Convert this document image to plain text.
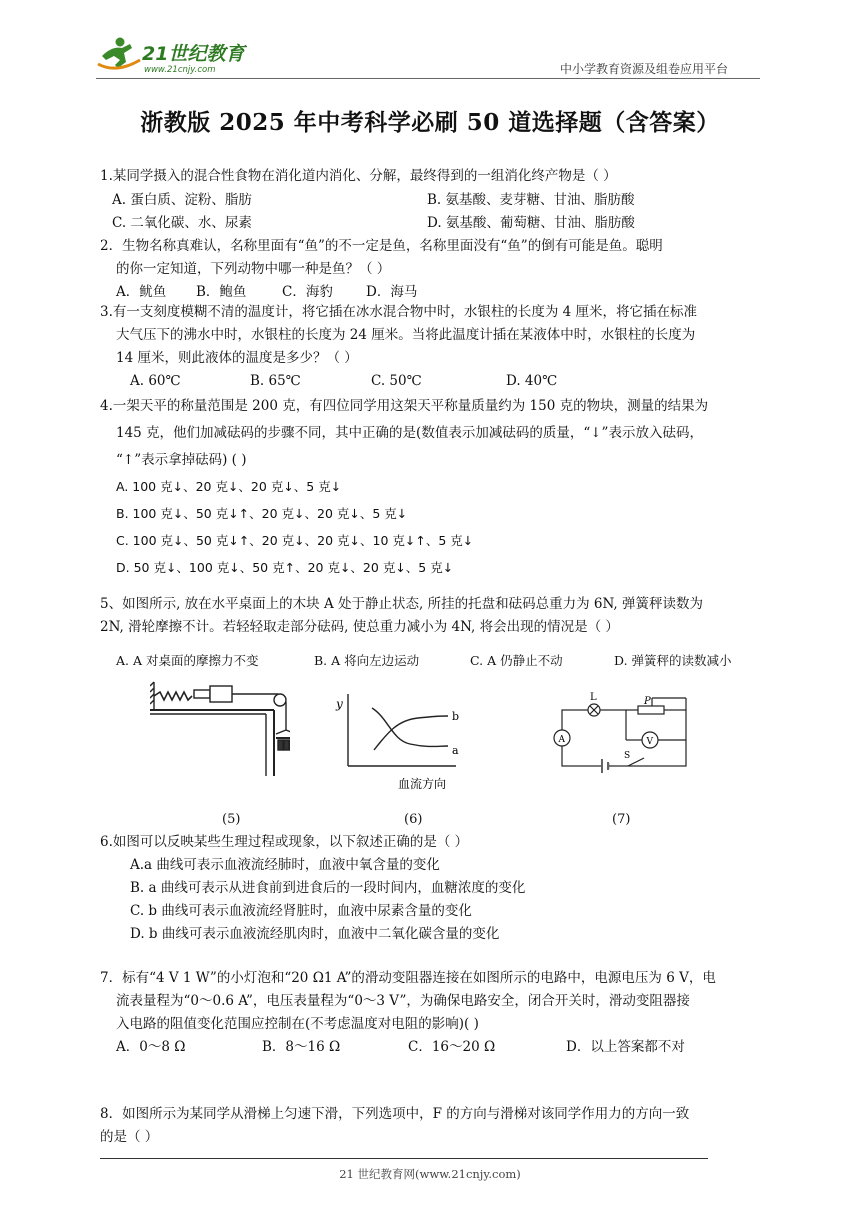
21世纪教育
www.21cnjy.com	中小学教育资源及组卷应用平台
浙教版 2025 年中考科学必刷 50 道选择题（含答案）
1.某同学摄入的混合性食物在消化道内消化、分解，最终得到的一组消化终产物是（ ）
A. 蛋白质、淀粉、脂肪	B. 氨基酸、麦芽糖、甘油、脂肪酸
C. 二氧化碳、水、尿素	D. 氨基酸、葡萄糖、甘油、脂肪酸
2．生物名称真难认，名称里面有“鱼”的不一定是鱼，名称里面没有“鱼”的倒有可能是鱼。聪明
的你一定知道，下列动物中哪一种是鱼？（ ）
A．鱿鱼 B．鲍鱼	C．海豹 D．海马
3.有一支刻度模糊不清的温度计，将它插在冰水混合物中时，水银柱的长度为 4 厘米，将它插在标准
大气压下的沸水中时，水银柱的长度为 24 厘米。当将此温度计插在某液体中时，水银柱的长度为
14 厘米，则此液体的温度是多少？（ ）
A. 60℃	B. 65℃	C. 50℃	D. 40℃
4.一架天平的称量范围是 200 克，有四位同学用这架天平称量质量约为 150 克的物块，测量的结果为
145 克，他们加减砝码的步骤不同，其中正确的是(数值表示加减砝码的质量，“↓”表示放入砝码，
“↑”表示拿掉砝码) ( )
A. 100 克↓、20 克↓、20 克↓、5 克↓
B. 100 克↓、50 克↓↑、20 克↓、20 克↓、5 克↓
C. 100 克↓、50 克↓↑、20 克↓、20 克↓、10 克↓↑、5 克↓
D. 50 克↓、100 克↓、50 克↑、20 克↓、20 克↓、5 克↓
5、如图所示, 放在水平桌面上的木块 A 处于静止状态, 所挂的托盘和砝码总重力为 6N, 弹簧秤读数为
2N, 滑轮摩擦不计。若轻轻取走部分砝码, 使总重力减小为 4N, 将会出现的情况是（ ）
A. A 对桌面的摩擦力不变	B. A 将向左边运动	C. A 仍静止不动	D. 弹簧秤的读数减小
y
b
a
血流方向
L	P
A	V
S
(5)	(6)	(7)
6.如图可以反映某些生理过程或现象，以下叙述正确的是（ ）
A.a 曲线可表示血液流经肺时，血液中氧含量的变化
B. a 曲线可表示从进食前到进食后的一段时间内，血糖浓度的变化
C. b 曲线可表示血液流经肾脏时，血液中尿素含量的变化
D. b 曲线可表示血液流经肌肉时，血液中二氧化碳含量的变化
7．标有“4 V 1 W”的小灯泡和“20 Ω1 A”的滑动变阻器连接在如图所示的电路中，电源电压为 6 V，电
流表量程为“0～0.6 A”，电压表量程为“0～3 V”，为确保电路安全，闭合开关时，滑动变阻器接
入电路的阻值变化范围应控制在(不考虑温度对电阻的影响)( )
A．0～8 Ω	B．8～16 Ω	C．16～20 Ω	D．以上答案都不对
8．如图所示为某同学从滑梯上匀速下滑，下列选项中，F 的方向与滑梯对该同学作用力的方向一致
的是（ ）
21 世纪教育网(www.21cnjy.com)
